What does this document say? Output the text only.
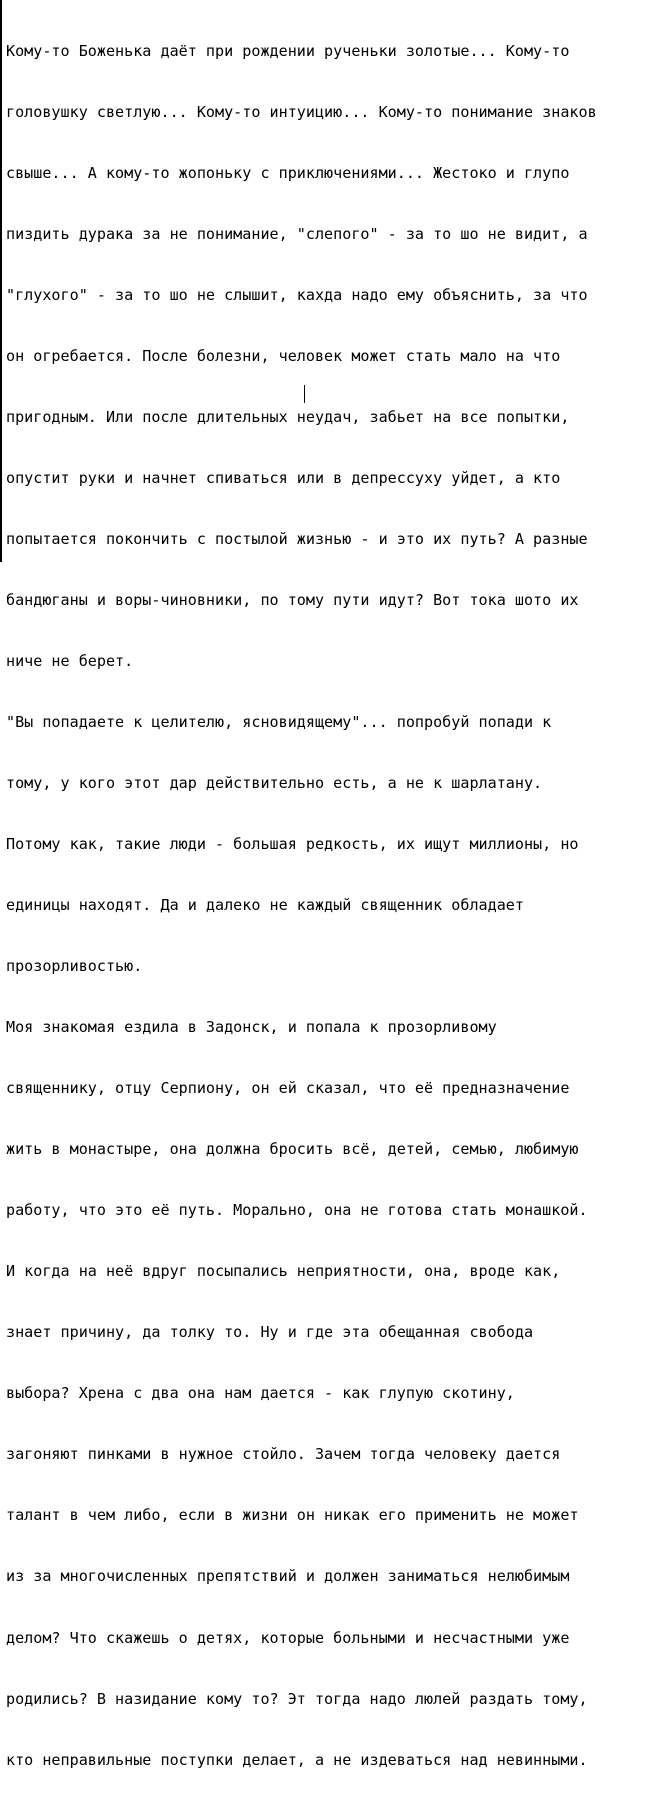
Кому-то Боженька даёт при рождении рученьки золотые... Кому-то

головушку светлую... Кому-то интуицию... Кому-то понимание знаков

свыше... А кому-то жопоньку с приключениями... Жестоко и глупо

пиздить дурака за не понимание, "слепого" - за то шо не видит, а

"глухого" - за то шо не слышит, кахда надо ему объяснить, за что

он огребается. После болезни, человек может стать мало на что

пригодным. Или после длительных неудач, забьет на все попытки,

опустит руки и начнет спиваться или в депрессуху уйдет, а кто

попытается покончить с постылой жизнью - и это их путь? А разные

бандюганы и воры-чиновники, по тому пути идут? Вот тока шото их

ниче не берет.

"Вы попадаете к целителю, ясновидящему"... попробуй попади к

тому, у кого этот дар действительно есть, а не к шарлатану.

Потому как, такие люди - большая редкость, их ищут миллионы, но

единицы находят. Да и далеко не каждый священник обладает

прозорливостью.

Моя знакомая ездила в Задонск, и попала к прозорливому

священнику, отцу Серпиону, он ей сказал, что её предназначение

жить в монастыре, она должна бросить всё, детей, семью, любимую

работу, что это её путь. Морально, она не готова стать монашкой.

И когда на неё вдруг посыпались неприятности, она, вроде как,

знает причину, да толку то. Ну и где эта обещанная свобода

выбора? Хрена с два она нам дается - как глупую скотину,

загоняют пинками в нужное стойло. Зачем тогда человеку дается

талант в чем либо, если в жизни он никак его применить не может

из за многочисленных препятствий и должен заниматься нелюбимым

делом? Что скажешь о детях, которые больными и несчастными уже

родились? В назидание кому то? Эт тогда надо люлей раздать тому,

кто неправильные поступки делает, а не издеваться над невинными.
